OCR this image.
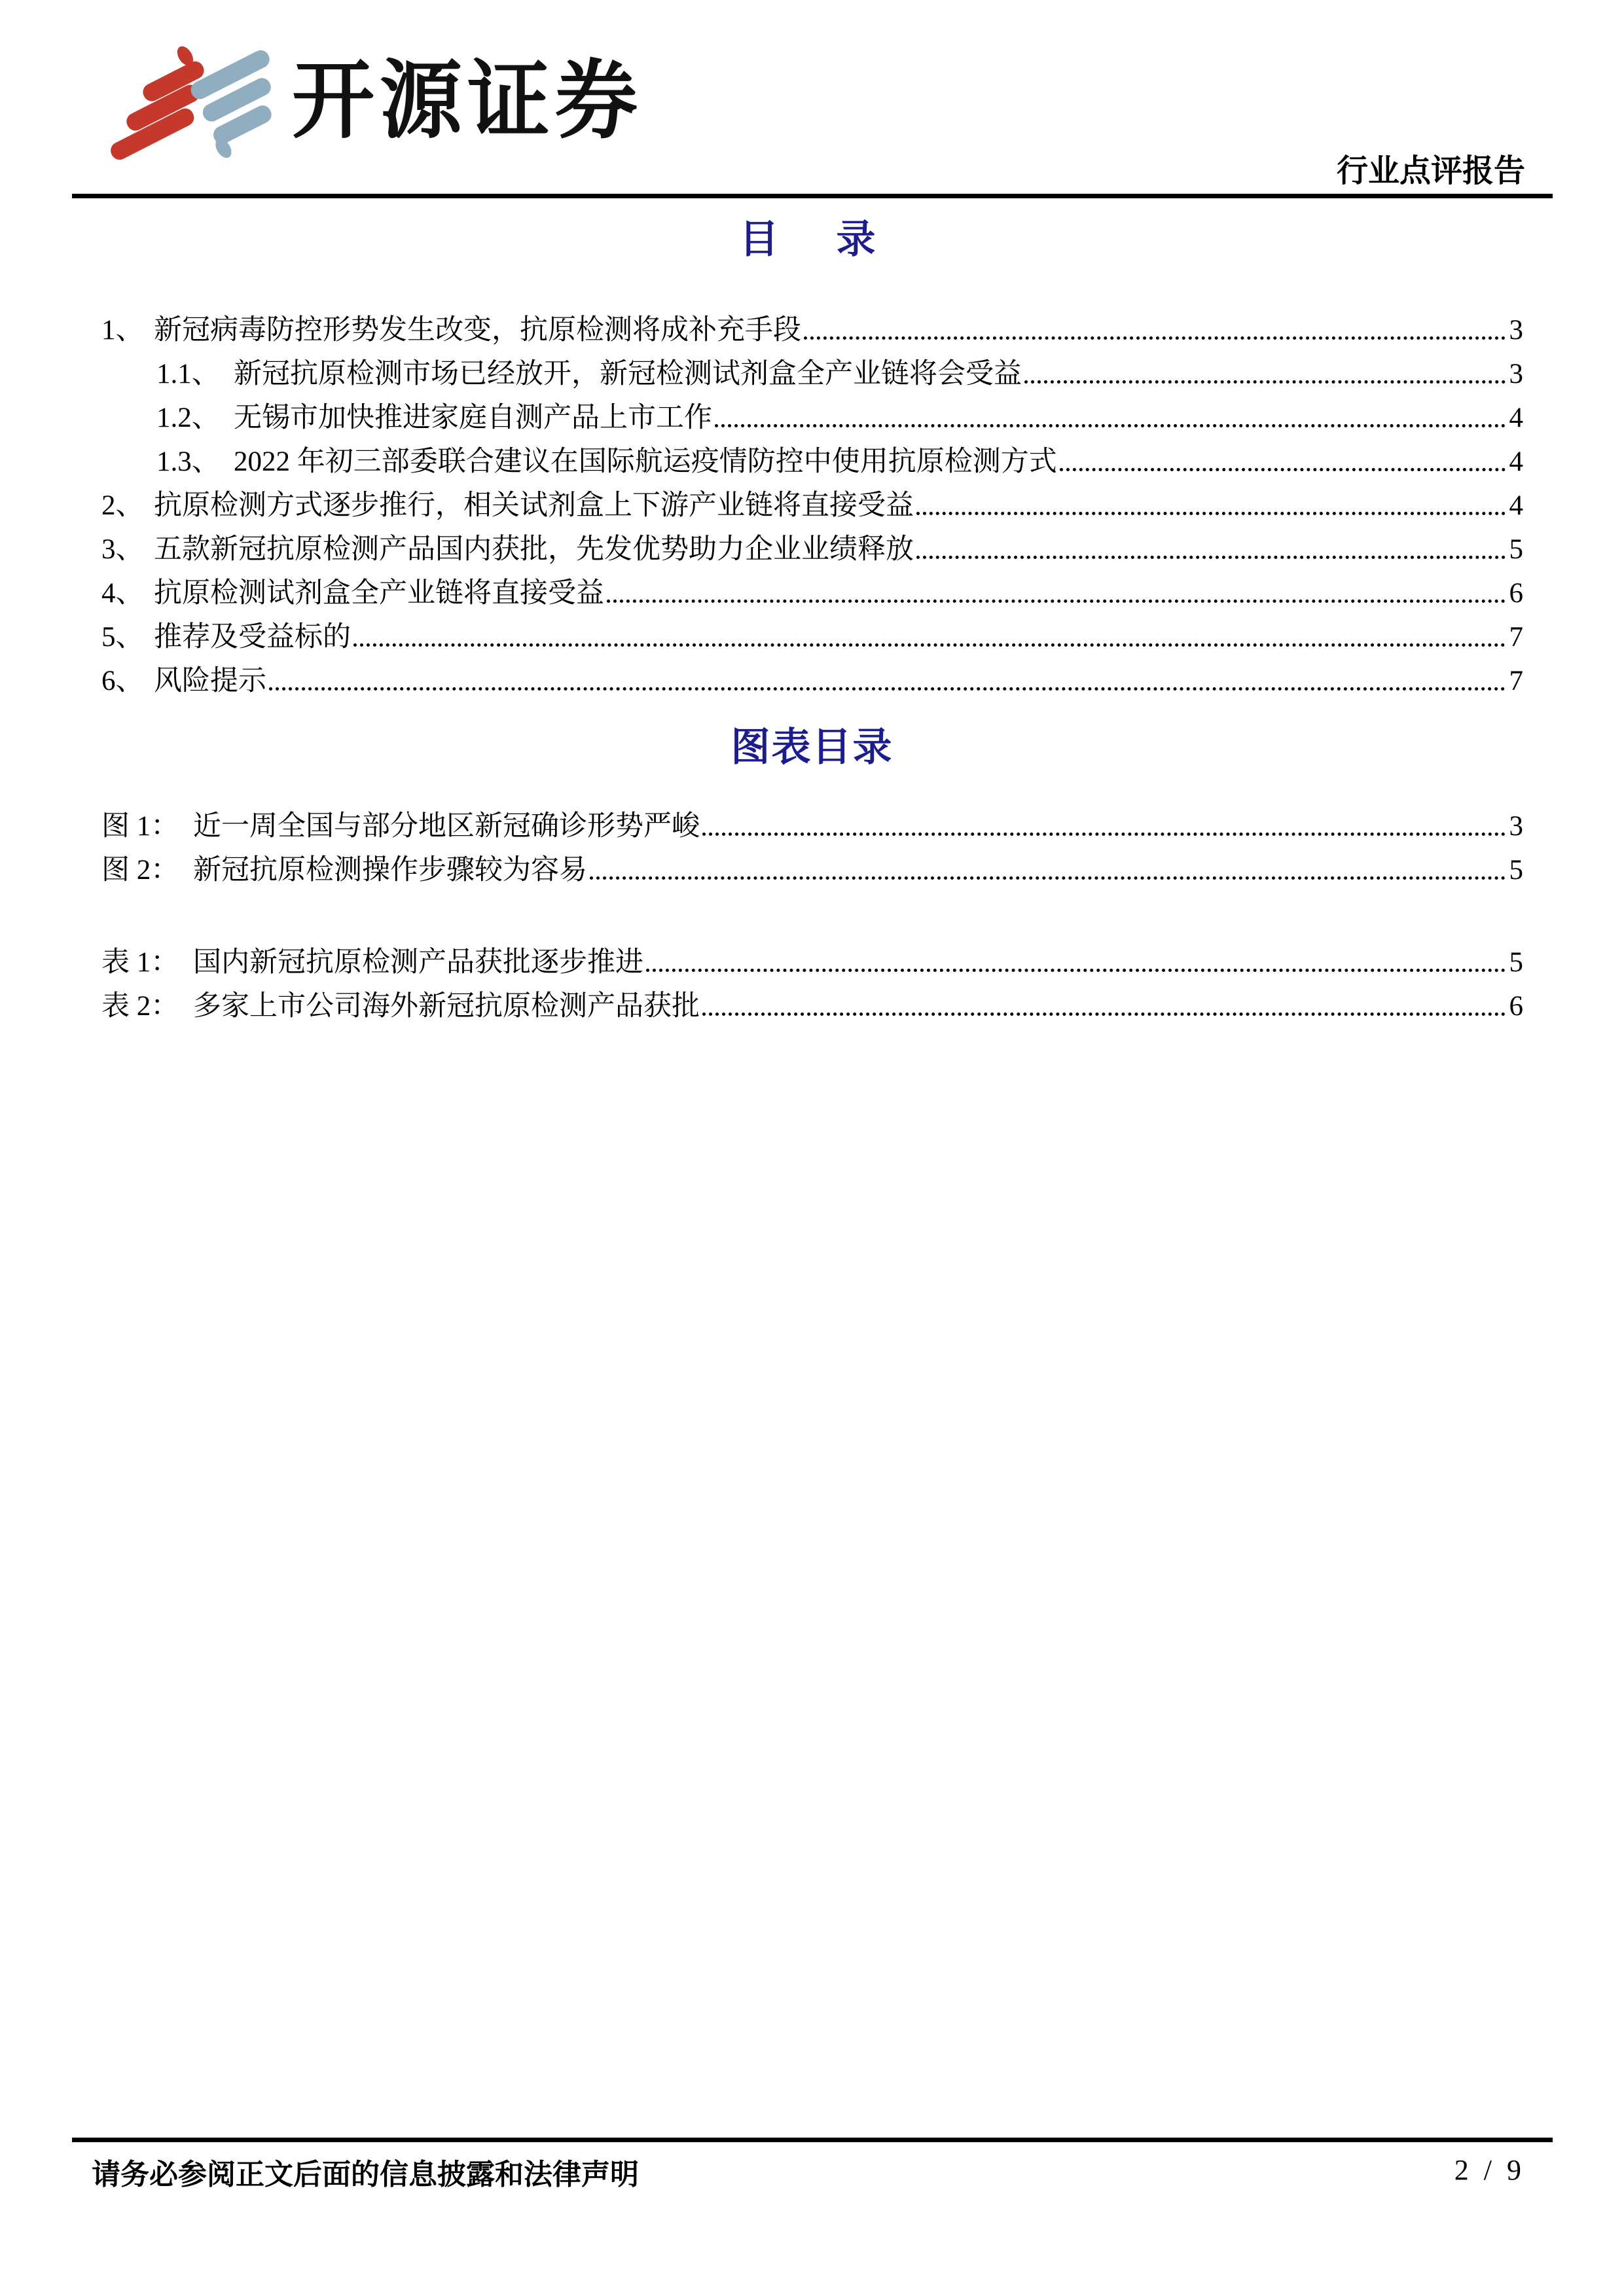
开源证券
行业点评报告
目　录
1、 新冠病毒防控形势发生改变，抗原检测将成补充手段	3
1.1、 新冠抗原检测市场已经放开，新冠检测试剂盒全产业链将会受益	3
1.2、 无锡市加快推进家庭自测产品上市工作	4
1.3、 2022 年初三部委联合建议在国际航运疫情防控中使用抗原检测方式	4
2、 抗原检测方式逐步推行，相关试剂盒上下游产业链将直接受益	4
3、 五款新冠抗原检测产品国内获批，先发优势助力企业业绩释放	5
4、 抗原检测试剂盒全产业链将直接受益	6
5、 推荐及受益标的	7
6、 风险提示	7
图表目录
图 1： 近一周全国与部分地区新冠确诊形势严峻	3
图 2： 新冠抗原检测操作步骤较为容易	5
表 1： 国内新冠抗原检测产品获批逐步推进	5
表 2： 多家上市公司海外新冠抗原检测产品获批	6
请务必参阅正文后面的信息披露和法律声明	2 / 9
